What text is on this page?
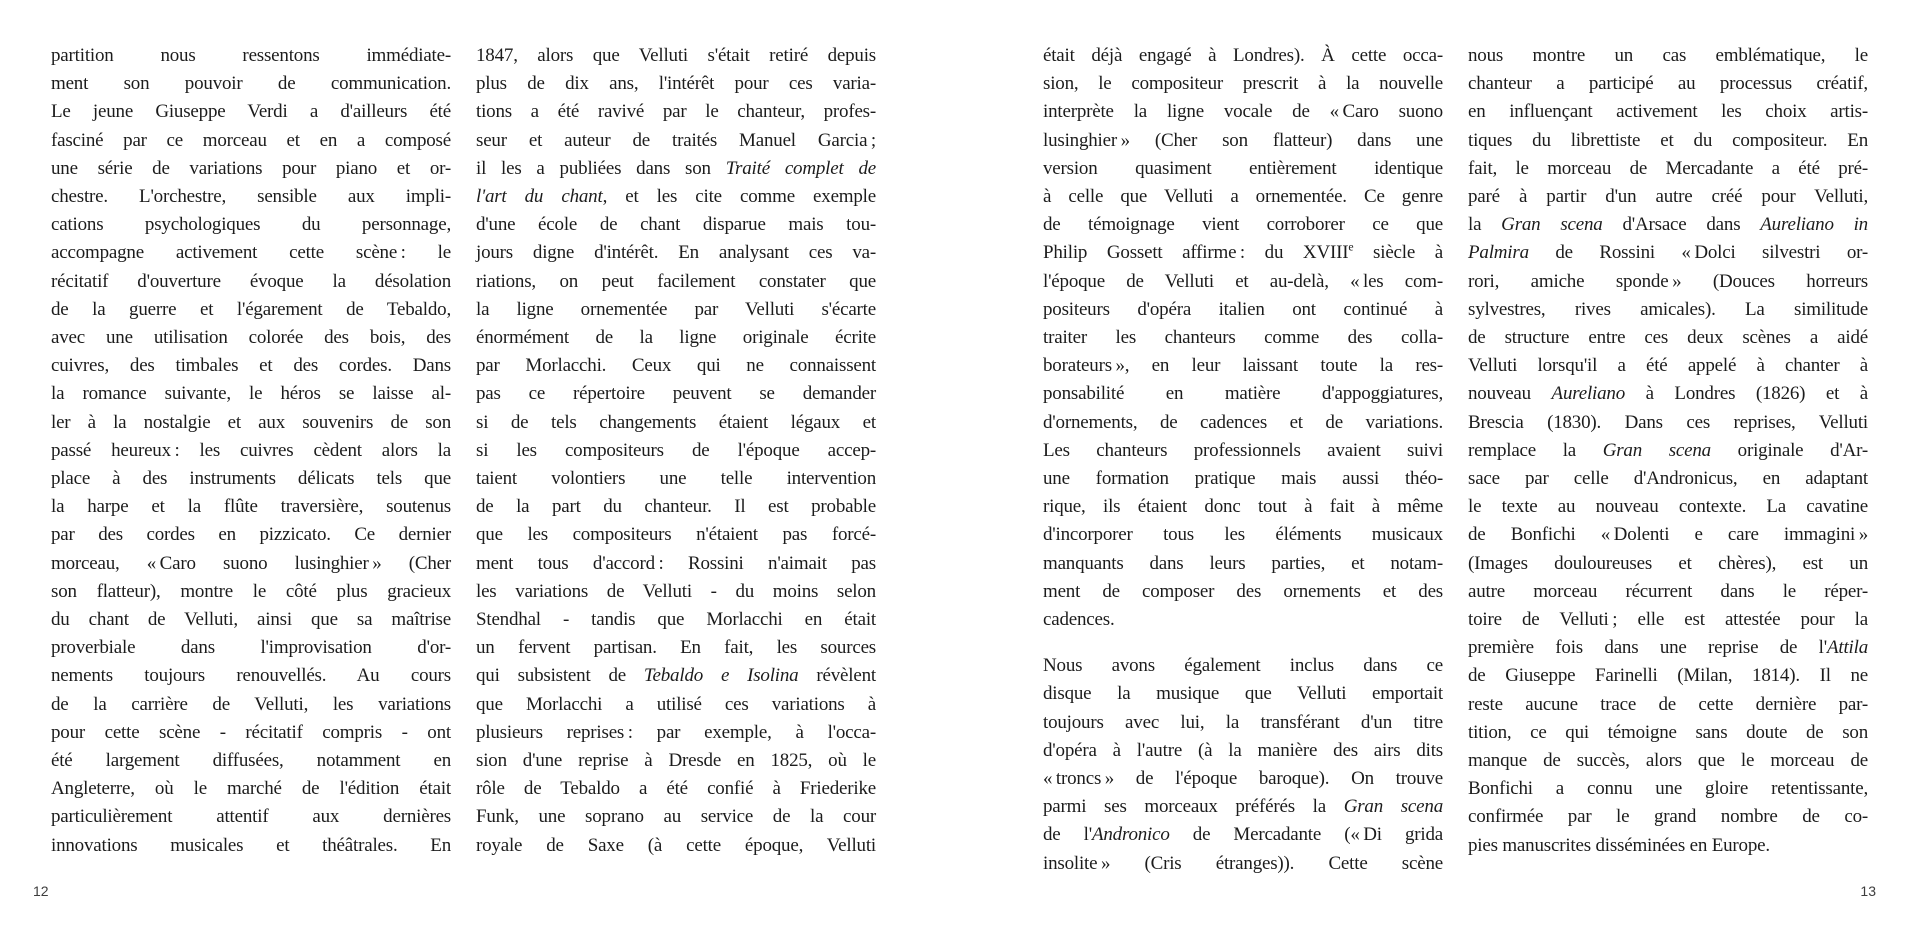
partition nous ressentons immédiate-
ment son pouvoir de communication.
Le jeune Giuseppe Verdi a d'ailleurs été
fasciné par ce morceau et en a composé
une série de variations pour piano et or-
chestre. L'orchestre, sensible aux impli-
cations psychologiques du personnage,
accompagne activement cette scène : le
récitatif d'ouverture évoque la désolation
de la guerre et l'égarement de Tebaldo,
avec une utilisation colorée des bois, des
cuivres, des timbales et des cordes. Dans
la romance suivante, le héros se laisse al-
ler à la nostalgie et aux souvenirs de son
passé heureux : les cuivres cèdent alors la
place à des instruments délicats tels que
la harpe et la flûte traversière, soutenus
par des cordes en pizzicato. Ce dernier
morceau, « Caro suono lusinghier » (Cher
son flatteur), montre le côté plus gracieux
du chant de Velluti, ainsi que sa maîtrise
proverbiale dans l'improvisation d'or-
nements toujours renouvellés. Au cours
de la carrière de Velluti, les variations
pour cette scène - récitatif compris - ont
été largement diffusées, notamment en
Angleterre, où le marché de l'édition était
particulièrement attentif aux dernières
innovations musicales et théâtrales. En
1847, alors que Velluti s'était retiré depuis
plus de dix ans, l'intérêt pour ces varia-
tions a été ravivé par le chanteur, profes-
seur et auteur de traités Manuel Garcia ;
il les a publiées dans son Traité complet de
l'art du chant, et les cite comme exemple
d'une école de chant disparue mais tou-
jours digne d'intérêt. En analysant ces va-
riations, on peut facilement constater que
la ligne ornementée par Velluti s'écarte
énormément de la ligne originale écrite
par Morlacchi. Ceux qui ne connaissent
pas ce répertoire peuvent se demander
si de tels changements étaient légaux et
si les compositeurs de l'époque accep-
taient volontiers une telle intervention
de la part du chanteur. Il est probable
que les compositeurs n'étaient pas forcé-
ment tous d'accord : Rossini n'aimait pas
les variations de Velluti - du moins selon
Stendhal - tandis que Morlacchi en était
un fervent partisan. En fait, les sources
qui subsistent de Tebaldo e Isolina révèlent
que Morlacchi a utilisé ces variations à
plusieurs reprises : par exemple, à l'occa-
sion d'une reprise à Dresde en 1825, où le
rôle de Tebaldo a été confié à Friederike
Funk, une soprano au service de la cour
royale de Saxe (à cette époque, Velluti
12
était déjà engagé à Londres). À cette occa-
sion, le compositeur prescrit à la nouvelle
interprète la ligne vocale de « Caro suono
lusinghier » (Cher son flatteur) dans une
version quasiment entièrement identique
à celle que Velluti a ornementée. Ce genre
de témoignage vient corroborer ce que
Philip Gossett affirme : du XVIIIe siècle à
l'époque de Velluti et au-delà, « les com-
positeurs d'opéra italien ont continué à
traiter les chanteurs comme des colla-
borateurs », en leur laissant toute la res-
ponsabilité en matière d'appoggiatures,
d'ornements, de cadences et de variations.
Les chanteurs professionnels avaient suivi
une formation pratique mais aussi théo-
rique, ils étaient donc tout à fait à même
d'incorporer tous les éléments musicaux
manquants dans leurs parties, et notam-
ment de composer des ornements et des
cadences.
Nous avons également inclus dans ce
disque la musique que Velluti emportait
toujours avec lui, la transférant d'un titre
d'opéra à l'autre (à la manière des airs dits
« troncs » de l'époque baroque). On trouve
parmi ses morceaux préférés la Gran scena
de l'Andronico de Mercadante (« Di grida
insolite » (Cris étranges)). Cette scène
nous montre un cas emblématique, le
chanteur a participé au processus créatif,
en influençant activement les choix artis-
tiques du librettiste et du compositeur. En
fait, le morceau de Mercadante a été pré-
paré à partir d'un autre créé pour Velluti,
la Gran scena d'Arsace dans Aureliano in
Palmira de Rossini « Dolci silvestri or-
rori, amiche sponde » (Douces horreurs
sylvestres, rives amicales). La similitude
de structure entre ces deux scènes a aidé
Velluti lorsqu'il a été appelé à chanter à
nouveau Aureliano à Londres (1826) et à
Brescia (1830). Dans ces reprises, Velluti
remplace la Gran scena originale d'Ar-
sace par celle d'Andronicus, en adaptant
le texte au nouveau contexte. La cavatine
de Bonfichi « Dolenti e care immagini »
(Images douloureuses et chères), est un
autre morceau récurrent dans le réper-
toire de Velluti ; elle est attestée pour la
première fois dans une reprise de l'Attila
de Giuseppe Farinelli (Milan, 1814). Il ne
reste aucune trace de cette dernière par-
tition, ce qui témoigne sans doute de son
manque de succès, alors que le morceau de
Bonfichi a connu une gloire retentissante,
confirmée par le grand nombre de co-
pies manuscrites disséminées en Europe.
13
